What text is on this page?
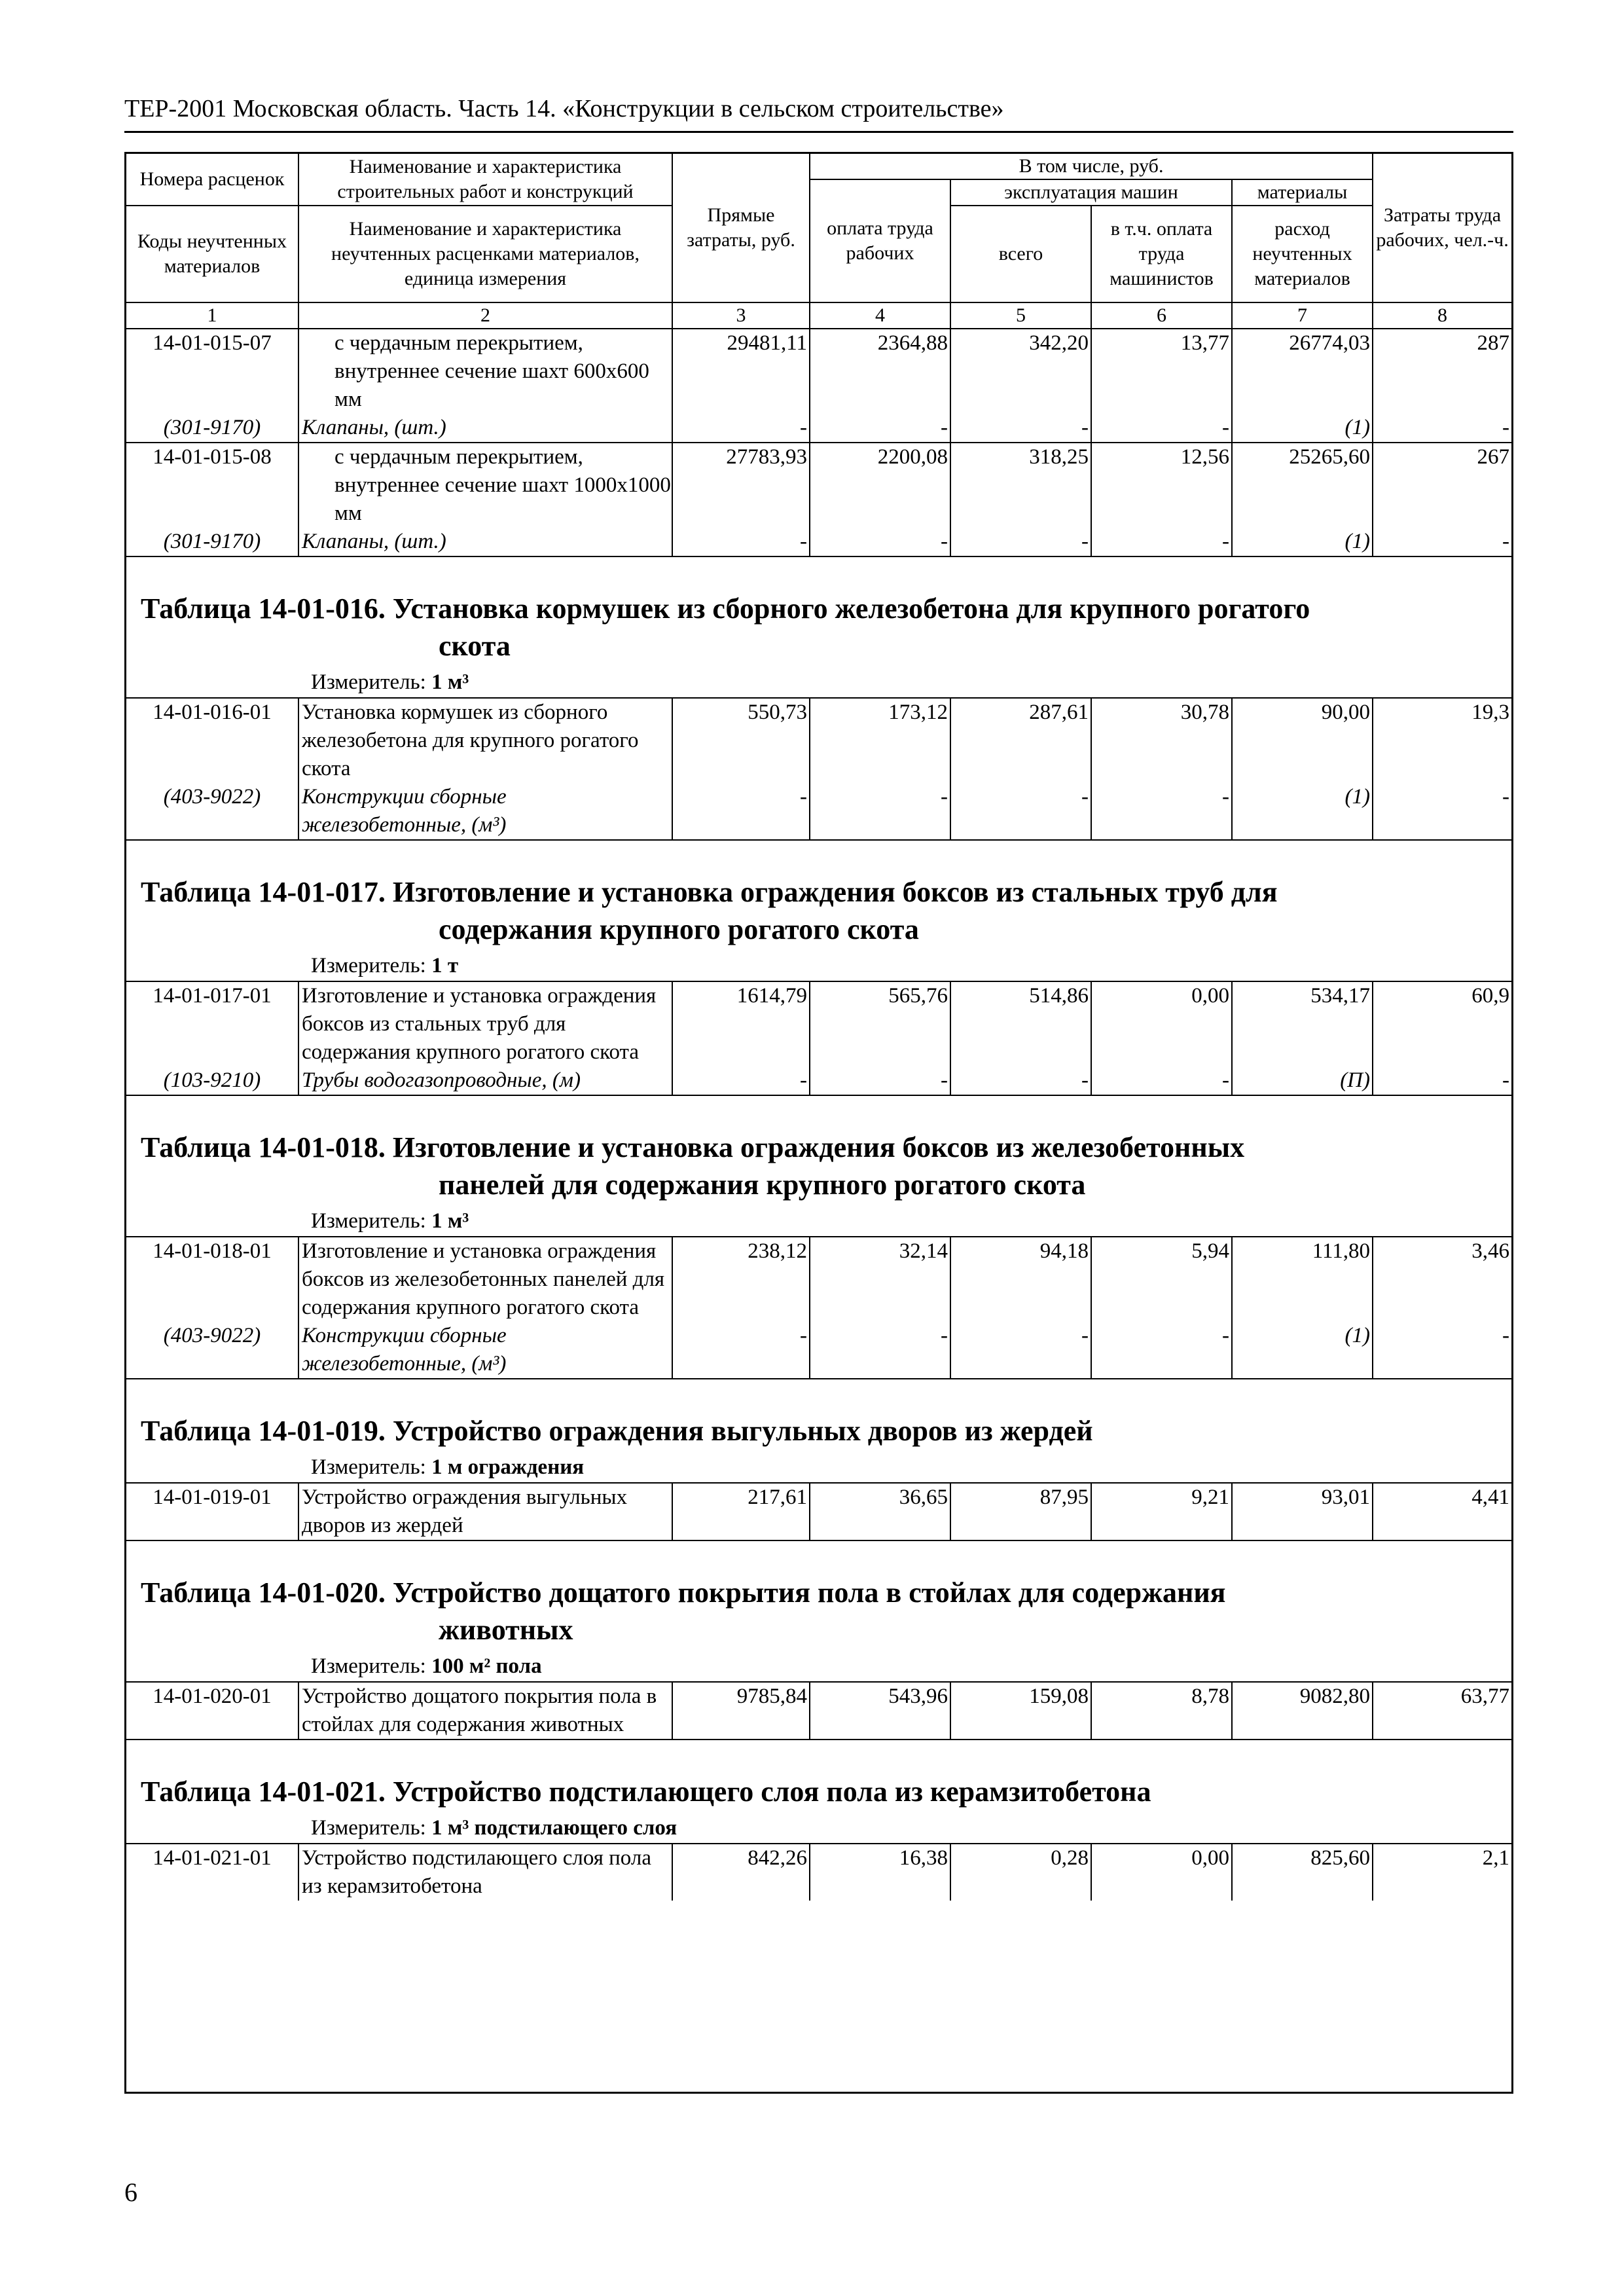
ТЕР-2001 Московская область. Часть 14. «Конструкции в сельском строительстве»
Номера расценок	Наименование и характеристика строительных работ и конструкций	Прямые затраты, руб.	В том числе, руб.				Затраты труда рабочих, чел.-ч.
			оплата труда рабочих	эксплуатация машин		материалы	
Коды неучтенных материалов	Наименование и характеристика неучтенных расценками материалов, единица измерения			всего	в т.ч. оплата труда машинистов	расход неучтенных материалов	

1	2	3	4	5	6	7	8
14-01-015-07	с чердачным перекрытием, внутреннее сечение шахт 600х600 мм	29481,11	2364,88	342,20	13,77	26774,03	287
(301-9170)	Клапаны, (шт.)	-	-	-	-	(1)	-
14-01-015-08	с чердачным перекрытием, внутреннее сечение шахт 1000х1000 мм	27783,93	2200,08	318,25	12,56	25265,60	267
(301-9170)	Клапаны, (шт.)	-	-	-	-	(1)	-
Таблица 14-01-016. Установка кормушек из сборного железобетона для крупного рогатого
скота
Измеритель: 1 м³
14-01-016-01	Установка кормушек из сборного железобетона для крупного рогатого скота	550,73	173,12	287,61	30,78	90,00	19,3
(403-9022)	Конструкции сборные железобетонные, (м³)	-	-	-	-	(1)	-
Таблица 14-01-017. Изготовление и установка ограждения боксов из стальных труб для
содержания крупного рогатого скота
Измеритель: 1 т
14-01-017-01	Изготовление и установка ограждения боксов из стальных труб для содержания крупного рогатого скота	1614,79	565,76	514,86	0,00	534,17	60,9
(103-9210)	Трубы водогазопроводные, (м)	-	-	-	-	(П)	-
Таблица 14-01-018. Изготовление и установка ограждения боксов из железобетонных
панелей для содержания крупного рогатого скота
Измеритель: 1 м³
14-01-018-01	Изготовление и установка ограждения боксов из железобетонных панелей для содержания крупного рогатого скота	238,12	32,14	94,18	5,94	111,80	3,46
(403-9022)	Конструкции сборные железобетонные, (м³)	-	-	-	-	(1)	-
Таблица 14-01-019. Устройство ограждения выгульных дворов из жердей
Измеритель: 1 м ограждения
14-01-019-01	Устройство ограждения выгульных дворов из жердей	217,61	36,65	87,95	9,21	93,01	4,41
Таблица 14-01-020. Устройство дощатого покрытия пола в стойлах для содержания
животных
Измеритель: 100 м² пола
14-01-020-01	Устройство дощатого покрытия пола в стойлах для содержания животных	9785,84	543,96	159,08	8,78	9082,80	63,77
Таблица 14-01-021. Устройство подстилающего слоя пола из керамзитобетона
Измеритель: 1 м³ подстилающего слоя
14-01-021-01	Устройство подстилающего слоя пола из керамзитобетона	842,26	16,38	0,28	0,00	825,60	2,1
6
